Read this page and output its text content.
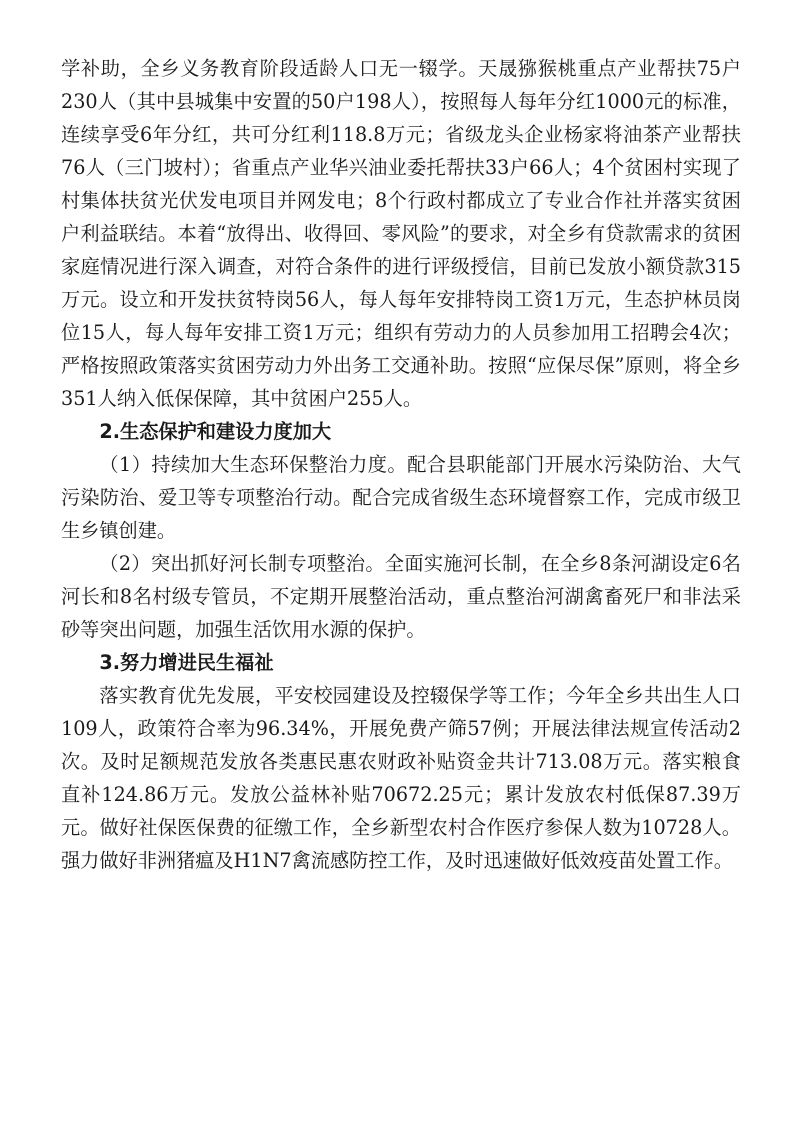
学补助，全乡义务教育阶段适龄人口无一辍学。天晟猕猴桃重点产业帮扶75户230人（其中县城集中安置的50户198人），按照每人每年分红1000元的标准，连续享受6年分红，共可分红利118.8万元；省级龙头企业杨家将油茶产业帮扶76人（三门坡村）；省重点产业华兴油业委托帮扶33户66人；4个贫困村实现了村集体扶贫光伏发电项目并网发电；8个行政村都成立了专业合作社并落实贫困户利益联结。本着“放得出、收得回、零风险”的要求，对全乡有贷款需求的贫困家庭情况进行深入调查，对符合条件的进行评级授信，目前已发放小额贷款315万元。设立和开发扶贫特岗56人，每人每年安排特岗工资1万元，生态护林员岗位15人，每人每年安排工资1万元；组织有劳动力的人员参加用工招聘会4次；严格按照政策落实贫困劳动力外出务工交通补助。按照“应保尽保”原则，将全乡351人纳入低保保障，其中贫困户255人。

2.生态保护和建设力度加大

（1）持续加大生态环保整治力度。配合县职能部门开展水污染防治、大气污染防治、爱卫等专项整治行动。配合完成省级生态环境督察工作，完成市级卫生乡镇创建。

（2）突出抓好河长制专项整治。全面实施河长制，在全乡8条河湖设定6名河长和8名村级专管员，不定期开展整治活动，重点整治河湖禽畜死尸和非法采砂等突出问题，加强生活饮用水源的保护。

3.努力增进民生福祉

落实教育优先发展，平安校园建设及控辍保学等工作；今年全乡共出生人口109人，政策符合率为96.34%，开展免费产筛57例；开展法律法规宣传活动2次。及时足额规范发放各类惠民惠农财政补贴资金共计713.08万元。落实粮食直补124.86万元。发放公益林补贴70672.25元；累计发放农村低保87.39万元。做好社保医保费的征缴工作，全乡新型农村合作医疗参保人数为10728人。强力做好非洲猪瘟及H1N7禽流感防控工作，及时迅速做好低效疫苗处置工作。
